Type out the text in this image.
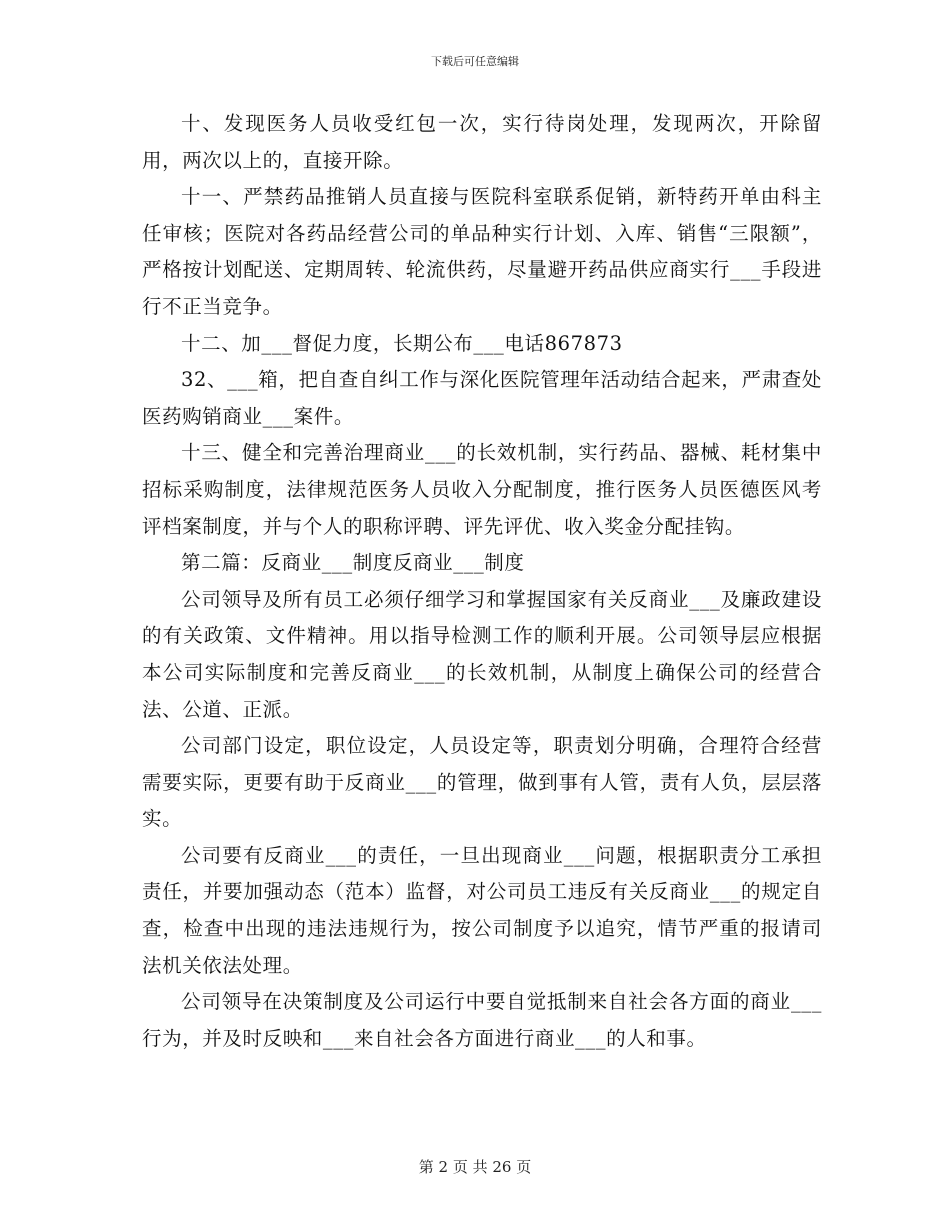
下载后可任意编辑

十、发现医务人员收受红包一次，实行待岗处理，发现两次，开除留用，两次以上的，直接开除。

十一、严禁药品推销人员直接与医院科室联系促销，新特药开单由科主任审核；医院对各药品经营公司的单品种实行计划、入库、销售“三限额”，严格按计划配送、定期周转、轮流供药，尽量避开药品供应商实行___手段进行不正当竞争。

十二、加___督促力度，长期公布___电话867873

32、___箱，把自查自纠工作与深化医院管理年活动结合起来，严肃查处医药购销商业___案件。

十三、健全和完善治理商业___的长效机制，实行药品、器械、耗材集中招标采购制度，法律规范医务人员收入分配制度，推行医务人员医德医风考评档案制度，并与个人的职称评聘、评先评优、收入奖金分配挂钩。

第二篇：反商业___制度反商业___制度

公司领导及所有员工必须仔细学习和掌握国家有关反商业___及廉政建设的有关政策、文件精神。用以指导检测工作的顺利开展。公司领导层应根据本公司实际制度和完善反商业___的长效机制，从制度上确保公司的经营合法、公道、正派。

公司部门设定，职位设定，人员设定等，职责划分明确，合理符合经营需要实际，更要有助于反商业___的管理，做到事有人管，责有人负，层层落实。

公司要有反商业___的责任，一旦出现商业___问题，根据职责分工承担责任，并要加强动态（范本）监督，对公司员工违反有关反商业___的规定自查，检查中出现的违法违规行为，按公司制度予以追究，情节严重的报请司法机关依法处理。

公司领导在决策制度及公司运行中要自觉抵制来自社会各方面的商业___行为，并及时反映和___来自社会各方面进行商业___的人和事。

第 2 页 共 26 页
